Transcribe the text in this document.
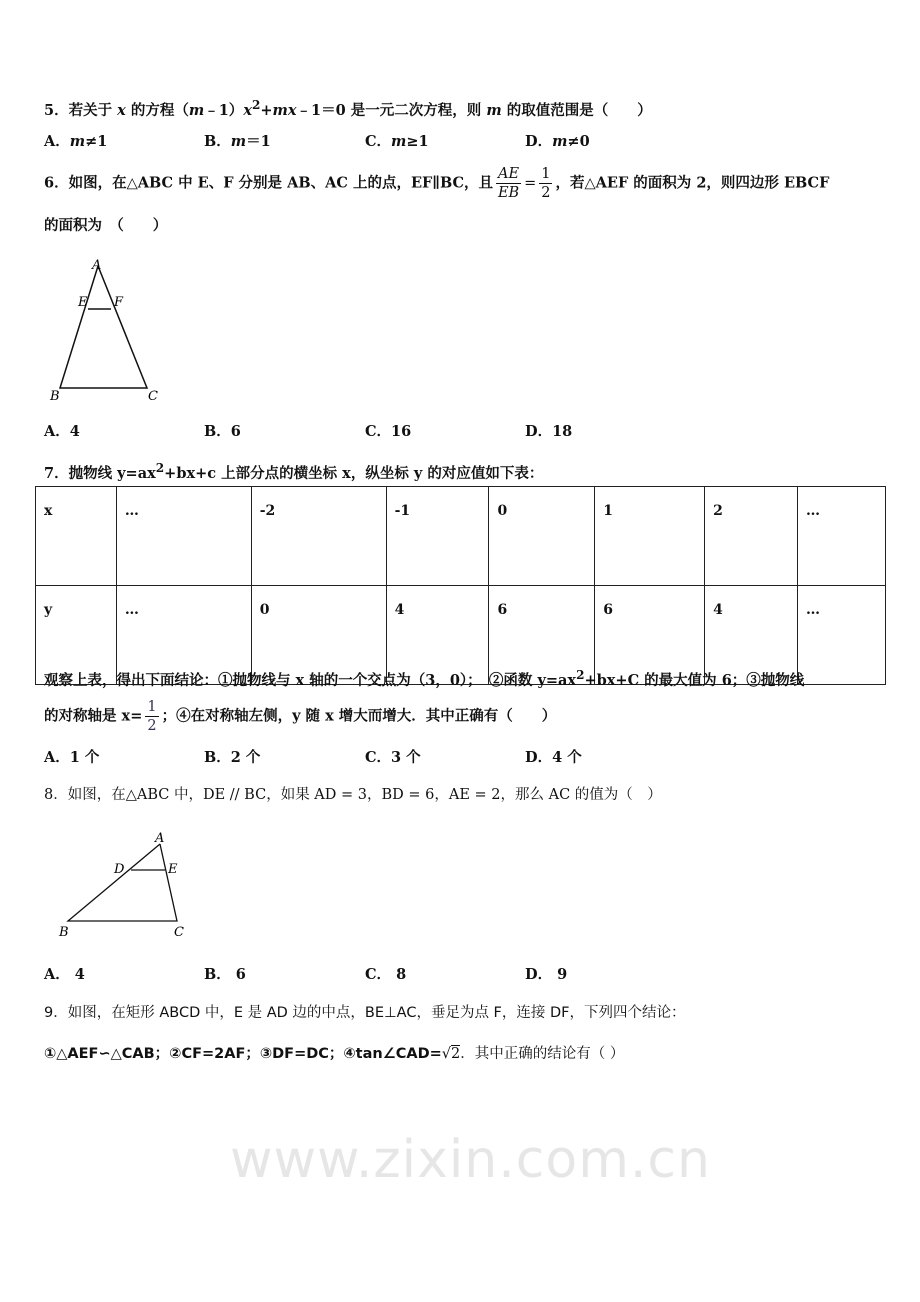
5．若关于 x 的方程$(m﹣1)x^2+mx﹣1=0$ 是一元二次方程，则 m 的取值范围是（　　）
A．m≠1	B．m＝1	C．m≥1	D．m≠0
6．如图，在△ABC 中 E、F 分别是 AB、AC 上的点，EF∥BC，且 $\frac{AE}{EB} = \frac{1}{2}$ ，若△AEF 的面积为 2，则四边形 EBCF
的面积为　（　　）
A
E F
B	C
A．4	B．6	C．16	D．18
7．抛物线 $y=ax^2+bx+c$ 上部分点的横坐标 x，纵坐标 y 的对应值如下表：
x	…	-2	-1	0	1	2	…
y	…	0	4	6	6	4	…
观察上表，得出下面结论：①抛物线与 x 轴的一个交点为（3，0）；　②函数 $y=ax^2+bx+C$ 的最大值为 6；③抛物线
的对称轴是 $x= \frac{1}{2}$ ；④在对称轴左侧，y 随 x 增大而增大．其中正确有（　　）
A．1 个	B．2 个	C．3 个	D．4 个
8．如图，在△ABC 中，DE // BC，如果 AD = 3，BD = 6，AE = 2，那么 AC 的值为（　）
A
D	E
B	C
A． 4	B． 6	C． 8	D． 9
9．如图，在矩形 ABCD 中，E 是 AD 边的中点，BE⊥AC，垂足为点 F，连接 DF，下列四个结论：
①△AEF∽△CAB；②CF=2AF；③DF=DC；④tan∠CAD=√2．其中正确的结论有（ ）
www.zixin.com.cn
